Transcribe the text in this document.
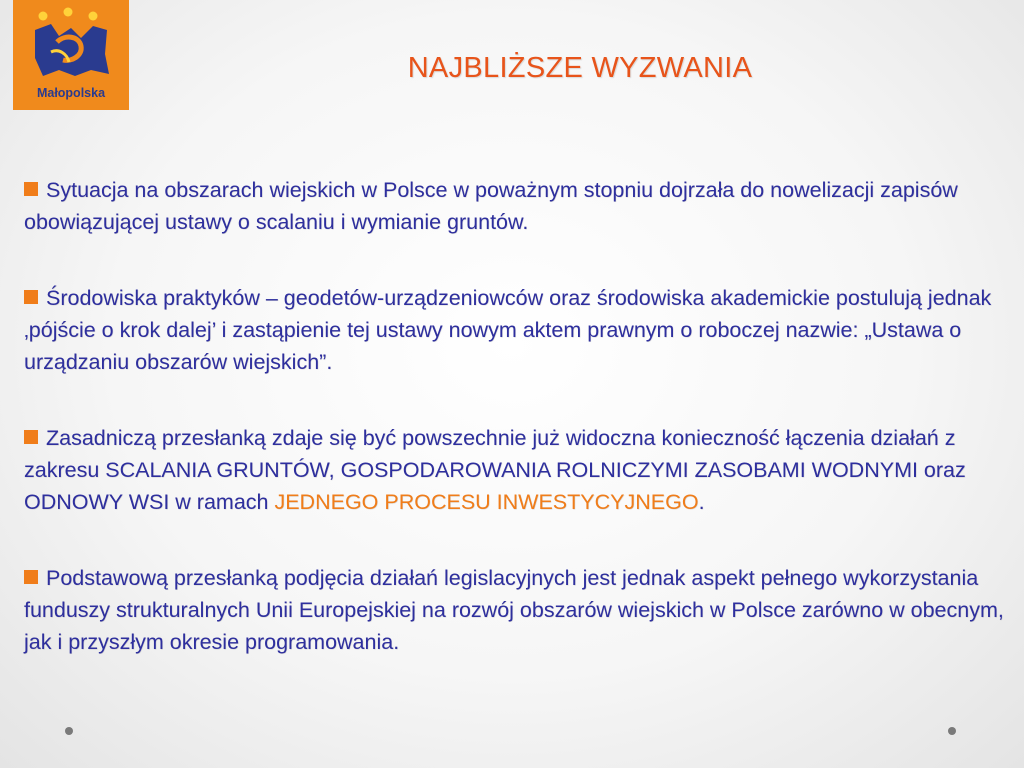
Małopolska
NAJBLIŻSZE WYZWANIA

Sytuacja na obszarach wiejskich w Polsce w poważnym stopniu dojrzała do nowelizacji zapisów obowiązującej ustawy o scalaniu i wymianie gruntów.

Środowiska praktyków – geodetów-urządzeniowców oraz środowiska akademickie postulują jednak ‚pójście o krok dalej’ i zastąpienie tej ustawy nowym aktem prawnym o roboczej nazwie: „Ustawa o urządzaniu obszarów wiejskich”.

Zasadniczą przesłanką zdaje się być powszechnie już widoczna konieczność łączenia działań z zakresu SCALANIA GRUNTÓW, GOSPODAROWANIA ROLNICZYMI ZASOBAMI WODNYMI oraz ODNOWY WSI w ramach JEDNEGO PROCESU INWESTYCYJNEGO.

Podstawową przesłanką podjęcia działań legislacyjnych jest jednak aspekt pełnego wykorzystania funduszy strukturalnych Unii Europejskiej na rozwój obszarów wiejskich w Polsce zarówno w obecnym, jak i przyszłym okresie programowania.
